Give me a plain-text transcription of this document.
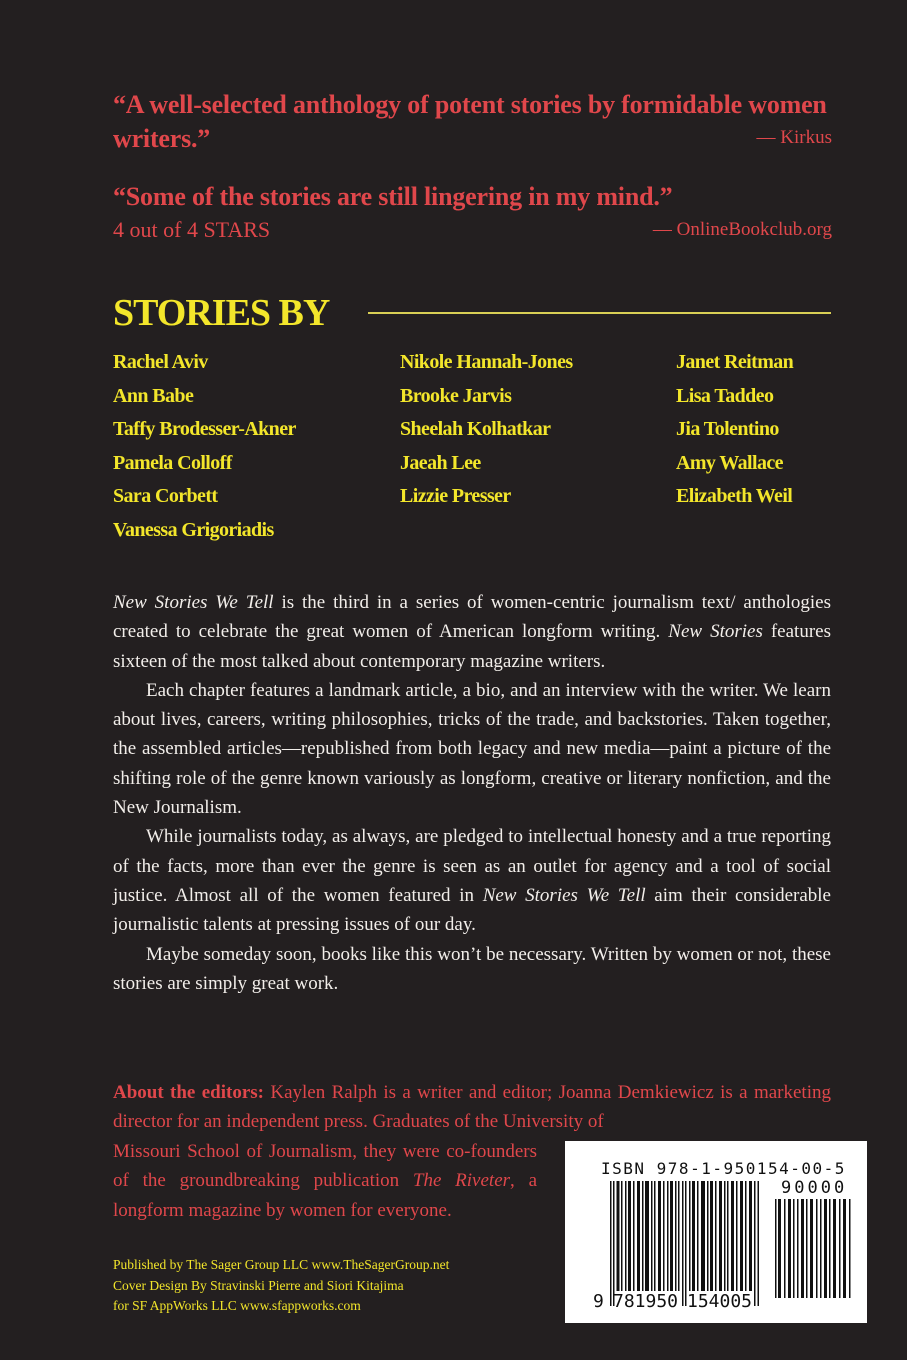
“A well-selected anthology of potent stories by formidable women writers.”	— Kirkus
“Some of the stories are still lingering in my mind.”
4 out of 4 STARS	— OnlineBookclub.org
STORIES BY
Rachel Aviv
Ann Babe
Taffy Brodesser-Akner
Pamela Colloff
Sara Corbett
Vanessa Grigoriadis
Nikole Hannah-Jones
Brooke Jarvis
Sheelah Kolhatkar
Jaeah Lee
Lizzie Presser
Janet Reitman
Lisa Taddeo
Jia Tolentino
Amy Wallace
Elizabeth Weil

New Stories We Tell is the third in a series of women-centric journalism text/ anthologies created to celebrate the great women of American longform writing. New Stories features sixteen of the most talked about contemporary magazine writers.

Each chapter features a landmark article, a bio, and an interview with the writer. We learn about lives, careers, writing philosophies, tricks of the trade, and backstories. Taken together, the assembled articles—republished from both legacy and new media—paint a picture of the shifting role of the genre known variously as longform, creative or literary nonfiction, and the New Journalism.

While journalists today, as always, are pledged to intellectual honesty and a true reporting of the facts, more than ever the genre is seen as an outlet for agency and a tool of social justice. Almost all of the women featured in New Stories We Tell aim their considerable journalistic talents at pressing issues of our day.

Maybe someday soon, books like this won’t be necessary. Written by women or not, these stories are simply great work.

About the editors: Kaylen Ralph is a writer and editor; Joanna Demkiewicz is a marketing director for an independent press. Graduates of the University of

Missouri School of Journalism, they were co-founders of the groundbreaking publication The Riveter, a longform magazine by women for everyone.

Published by The Sager Group LLC www.TheSagerGroup.net
Cover Design By Stravinski Pierre and Siori Kitajima
for SF AppWorks LLC www.sfappworks.com
ISBN 978-1-950154-00-5
90000
9 781950 154005
